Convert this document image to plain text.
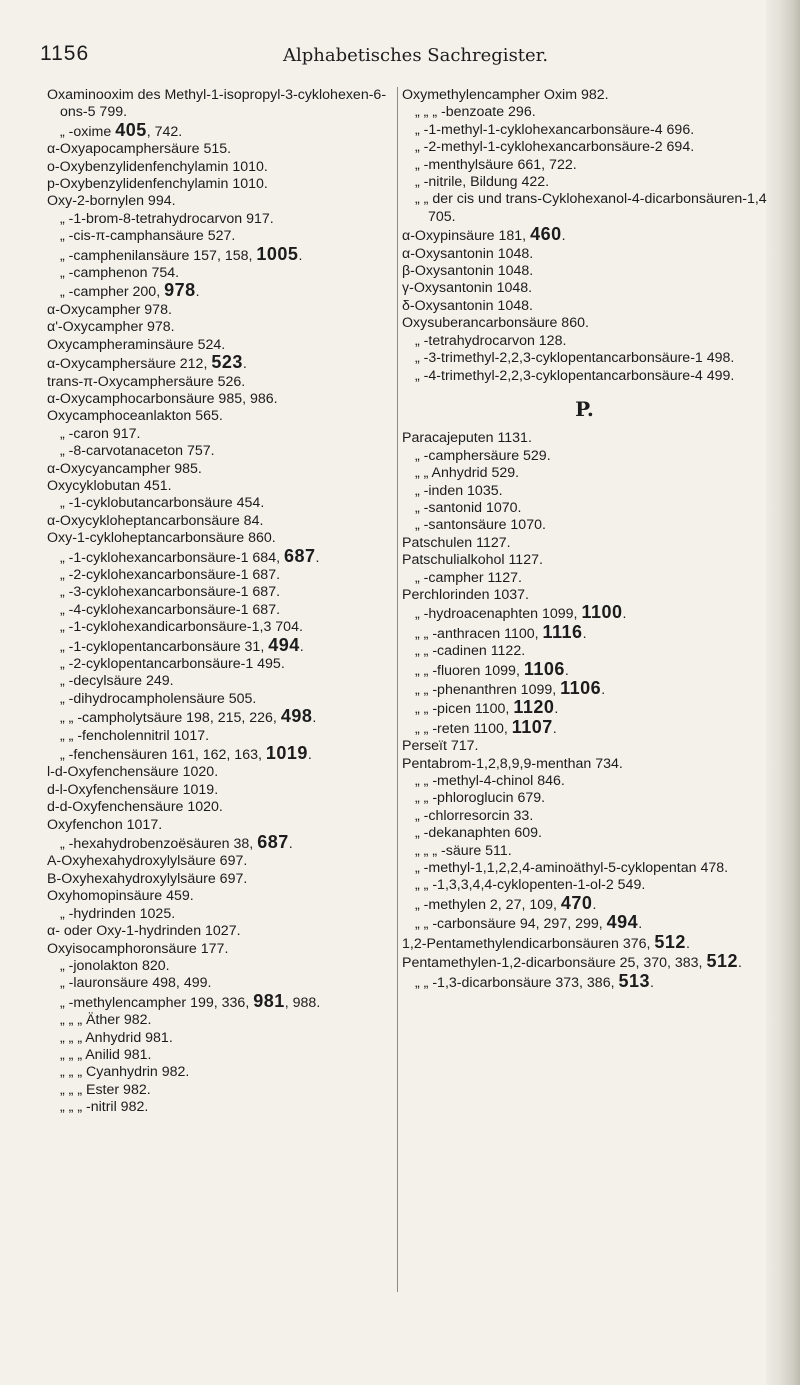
1156	Alphabetisches Sachregister.
Oxaminooxim des Methyl-1-isopropyl-3-cyklohexen-6-ons-5 799.
„ -oxime 405, 742.
α-Oxyapocamphersäure 515.
o-Oxybenzylidenfenchylamin 1010.
p-Oxybenzylidenfenchylamin 1010.
Oxy-2-bornylen 994.
„ -1-brom-8-tetrahydrocarvon 917.
„ -cis-π-camphansäure 527.
„ -camphenilansäure 157, 158, 1005.
„ -camphenon 754.
„ -campher 200, 978.
α-Oxycampher 978.
α'-Oxycampher 978.
Oxycampheraminsäure 524.
α-Oxycamphersäure 212, 523.
trans-π-Oxycamphersäure 526.
α-Oxycamphocarbonsäure 985, 986.
Oxycamphoceanlakton 565.
„ -caron 917.
„ -8-carvotanaceton 757.
α-Oxycyancampher 985.
Oxycyklobutan 451.
„ -1-cyklobutancarbonsäure 454.
α-Oxycykloheptancarbonsäure 84.
Oxy-1-cykloheptancarbonsäure 860.
„ -1-cyklohexancarbonsäure-1 684, 687.
„ -2-cyklohexancarbonsäure-1 687.
„ -3-cyklohexancarbonsäure-1 687.
„ -4-cyklohexancarbonsäure-1 687.
„ -1-cyklohexandicarbonsäure-1,3 704.
„ -1-cyklopentancarbonsäure 31, 494.
„ -2-cyklopentancarbonsäure-1 495.
„ -decylsäure 249.
„ -dihydrocampholensäure 505.
„ „ -campholytsäure 198, 215, 226, 498.
„ „ -fencholennitril 1017.
„ -fenchensäuren 161, 162, 163, 1019.
l-d-Oxyfenchensäure 1020.
d-l-Oxyfenchensäure 1019.
d-d-Oxyfenchensäure 1020.
Oxyfenchon 1017.
„ -hexahydrobenzoësäuren 38, 687.
A-Oxyhexahydroxylylsäure 697.
B-Oxyhexahydroxylylsäure 697.
Oxyhomopinsäure 459.
„ -hydrinden 1025.
α- oder Oxy-1-hydrinden 1027.
Oxyisocamphoronsäure 177.
„ -jonolakton 820.
„ -lauronsäure 498, 499.
„ -methylencampher 199, 336, 981, 988.
„ „ „ Äther 982.
„ „ „ Anhydrid 981.
„ „ „ Anilid 981.
„ „ „ Cyanhydrin 982.
„ „ „ Ester 982.
„ „ „ -nitril 982.
Oxymethylencampher Oxim 982.
„ „ „ -benzoate 296.
„ -1-methyl-1-cyklohexancarbonsäure-4 696.
„ -2-methyl-1-cyklohexancarbonsäure-2 694.
„ -menthylsäure 661, 722.
„ -nitrile, Bildung 422.
„ „ der cis und trans-Cyklohexanol-4-dicarbonsäuren-1,4 705.
α-Oxypinsäure 181, 460.
α-Oxysantonin 1048.
β-Oxysantonin 1048.
γ-Oxysantonin 1048.
δ-Oxysantonin 1048.
Oxysuberancarbonsäure 860.
„ -tetrahydrocarvon 128.
„ -3-trimethyl-2,2,3-cyklopentancarbonsäure-1 498.
„ -4-trimethyl-2,2,3-cyklopentancarbonsäure-4 499.
P.
Paracajeputen 1131.
„ -camphersäure 529.
„ „ Anhydrid 529.
„ -inden 1035.
„ -santonid 1070.
„ -santonsäure 1070.
Patschulen 1127.
Patschulialkohol 1127.
„ -campher 1127.
Perchlorinden 1037.
„ -hydroacenaphten 1099, 1100.
„ „ -anthracen 1100, 1116.
„ „ -cadinen 1122.
„ „ -fluoren 1099, 1106.
„ „ -phenanthren 1099, 1106.
„ „ -picen 1100, 1120.
„ „ -reten 1100, 1107.
Perseït 717.
Pentabrom-1,2,8,9,9-menthan 734.
„ „ -methyl-4-chinol 846.
„ „ -phloroglucin 679.
„ -chlorresorcin 33.
„ -dekanaphten 609.
„ „ „ -säure 511.
„ -methyl-1,1,2,2,4-aminoäthyl-5-cyklopentan 478.
„ „ -1,3,3,4,4-cyklopenten-1-ol-2 549.
„ -methylen 2, 27, 109, 470.
„ „ -carbonsäure 94, 297, 299, 494.
1,2-Pentamethylendicarbonsäuren 376, 512.
Pentamethylen-1,2-dicarbonsäure 25, 370, 383, 512.
„ „ -1,3-dicarbonsäure 373, 386, 513.
